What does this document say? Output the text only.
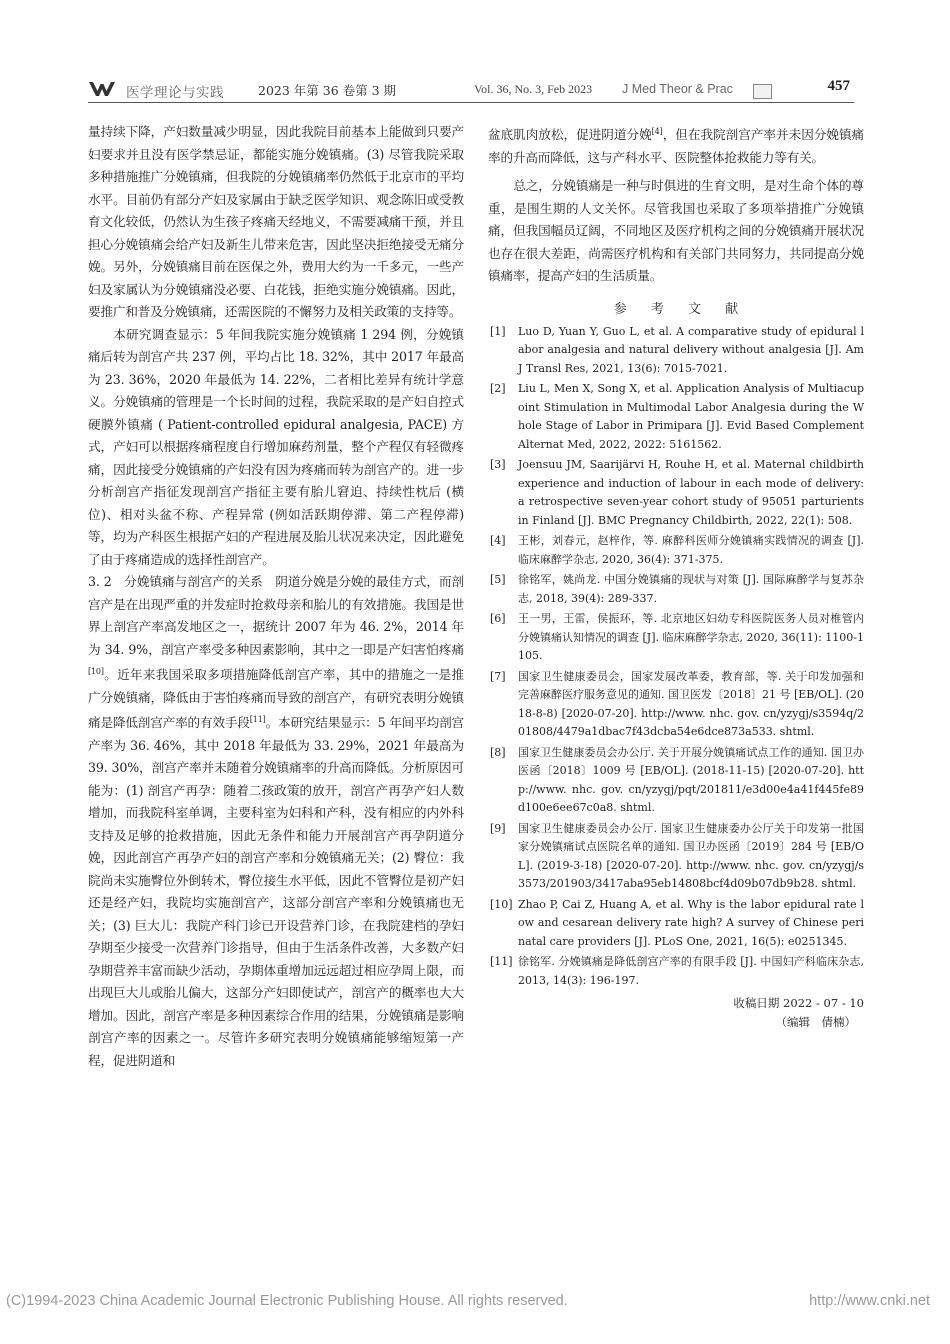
医学理论与实践	2023 年第 36 卷第 3 期	Vol. 36, No. 3, Feb 2023 J Med Theor & Prac	457

量持续下降，产妇数量减少明显，因此我院目前基本上能做到只要产妇要求并且没有医学禁忌证，都能实施分娩镇痛。(3) 尽管我院采取多种措施推广分娩镇痛，但我院的分娩镇痛率仍然低于北京市的平均水平。目前仍有部分产妇及家属由于缺乏医学知识、观念陈旧或受教育文化较低，仍然认为生孩子疼痛天经地义，不需要减痛干预，并且担心分娩镇痛会给产妇及新生儿带来危害，因此坚决拒绝接受无痛分娩。另外，分娩镇痛目前在医保之外，费用大约为一千多元，一些产妇及家属认为分娩镇痛没必要、白花钱，拒绝实施分娩镇痛。因此，要推广和普及分娩镇痛，还需医院的不懈努力及相关政策的支持等。

本研究调查显示：5 年间我院实施分娩镇痛 1 294 例，分娩镇痛后转为剖宫产共 237 例，平均占比 18. 32%，其中 2017 年最高为 23. 36%，2020 年最低为 14. 22%，二者相比差异有统计学意义。分娩镇痛的管理是一个长时间的过程，我院采取的是产妇自控式硬膜外镇痛 ( Patient-controlled epidural analgesia, PACE) 方式，产妇可以根据疼痛程度自行增加麻药剂量，整个产程仅有轻微疼痛，因此接受分娩镇痛的产妇没有因为疼痛而转为剖宫产的。进一步分析剖宫产指征发现剖宫产指征主要有胎儿窘迫、持续性枕后 (横位)、相对头盆不称、产程异常 (例如活跃期停滞、第二产程停滞) 等，均为产科医生根据产妇的产程进展及胎儿状况来决定，因此避免了由于疼痛造成的选择性剖宫产。

3. 2　分娩镇痛与剖宫产的关系　阴道分娩是分娩的最佳方式，而剖宫产是在出现严重的并发症时抢救母亲和胎儿的有效措施。我国是世界上剖宫产率高发地区之一，据统计 2007 年为 46. 2%，2014 年为 34. 9%，剖宫产率受多种因素影响，其中之一即是产妇害怕疼痛[10]。近年来我国采取多项措施降低剖宫产率，其中的措施之一是推广分娩镇痛，降低由于害怕疼痛而导致的剖宫产，有研究表明分娩镇痛是降低剖宫产率的有效手段[11]。本研究结果显示：5 年间平均剖宫产率为 36. 46%，其中 2018 年最低为 33. 29%，2021 年最高为 39. 30%，剖宫产率并未随着分娩镇痛率的升高而降低。分析原因可能为：(1) 剖宫产再孕：随着二孩政策的放开，剖宫产再孕产妇人数增加，而我院科室单调，主要科室为妇科和产科，没有相应的内外科支持及足够的抢救措施，因此无条件和能力开展剖宫产再孕阴道分娩，因此剖宫产再孕产妇的剖宫产率和分娩镇痛无关；(2) 臀位：我院尚未实施臀位外倒转术，臀位接生水平低，因此不管臀位是初产妇还是经产妇，我院均实施剖宫产，这部分剖宫产率和分娩镇痛也无关；(3) 巨大儿：我院产科门诊已开设营养门诊，在我院建档的孕妇孕期至少接受一次营养门诊指导，但由于生活条件改善，大多数产妇孕期营养丰富而缺少活动，孕期体重增加远远超过相应孕周上限，而出现巨大儿或胎儿偏大，这部分产妇即使试产，剖宫产的概率也大大增加。因此，剖宫产率是多种因素综合作用的结果，分娩镇痛是影响剖宫产率的因素之一。尽管许多研究表明分娩镇痛能够缩短第一产程，促进阴道和

盆底肌肉放松，促进阴道分娩[4]，但在我院剖宫产率并未因分娩镇痛率的升高而降低，这与产科水平、医院整体抢救能力等有关。

总之，分娩镇痛是一种与时俱进的生育文明，是对生命个体的尊重，是围生期的人文关怀。尽管我国也采取了多项举措推广分娩镇痛，但我国幅员辽阔，不同地区及医疗机构之间的分娩镇痛开展状况也存在很大差距，尚需医疗机构和有关部门共同努力，共同提高分娩镇痛率，提高产妇的生活质量。

参 考 文 献
[1] Luo D, Yuan Y, Guo L, et al. A comparative study of epidural labor analgesia and natural delivery without analgesia [J]. Am J Transl Res, 2021, 13(6): 7015-7021.
[2] Liu L, Men X, Song X, et al. Application Analysis of Multiacupoint Stimulation in Multimodal Labor Analgesia during the Whole Stage of Labor in Primipara [J]. Evid Based Complement Alternat Med, 2022, 2022: 5161562.
[3] Joensuu JM, Saarijärvi H, Rouhe H, et al. Maternal childbirth experience and induction of labour in each mode of delivery: a retrospective seven-year cohort study of 95051 parturients in Finland [J]. BMC Pregnancy Childbirth, 2022, 22(1): 508.
[4] 王彬，刘春元，赵梓作，等. 麻醉科医师分娩镇痛实践情况的调查 [J]. 临床麻醉学杂志, 2020, 36(4): 371-375.
[5] 徐铭军，姚尚龙. 中国分娩镇痛的现状与对策 [J]. 国际麻醉学与复苏杂志, 2018, 39(4): 289-337.
[6] 王一男，王雷，侯振环，等. 北京地区妇幼专科医院医务人员对椎管内分娩镇痛认知情况的调查 [J]. 临床麻醉学杂志, 2020, 36(11): 1100-1105.
[7] 国家卫生健康委员会，国家发展改革委，教育部，等. 关于印发加强和完善麻醉医疗服务意见的通知. 国卫医发〔2018〕21 号 [EB/OL]. (2018-8-8) [2020-07-20]. http://www. nhc. gov. cn/yzygj/s3594q/201808/4479a1dbac7f43dcba54e6dce873a533. shtml.
[8] 国家卫生健康委员会办公厅. 关于开展分娩镇痛试点工作的通知. 国卫办医函〔2018〕1009 号 [EB/OL]. (2018-11-15) [2020-07-20]. http://www. nhc. gov. cn/yzygj/pqt/201811/e3d00e4a41f445fe89d100e6ee67c0a8. shtml.
[9] 国家卫生健康委员会办公厅. 国家卫生健康委办公厅关于印发第一批国家分娩镇痛试点医院名单的通知. 国卫办医函〔2019〕284 号 [EB/OL]. (2019-3-18) [2020-07-20]. http://www. nhc. gov. cn/yzygj/s3573/201903/3417aba95eb14808bcf4d09b07db9b28. shtml.
[10] Zhao P, Cai Z, Huang A, et al. Why is the labor epidural rate low and cesarean delivery rate high? A survey of Chinese perinatal care providers [J]. PLoS One, 2021, 16(5): e0251345.
[11] 徐铭军. 分娩镇痛是降低剖宫产率的有限手段 [J]. 中国妇产科临床杂志, 2013, 14(3): 196-197.
收稿日期 2022 - 07 - 10
（编辑　倩楠）
(C)1994-2023 China Academic Journal Electronic Publishing House. All rights reserved.	http://www.cnki.net
